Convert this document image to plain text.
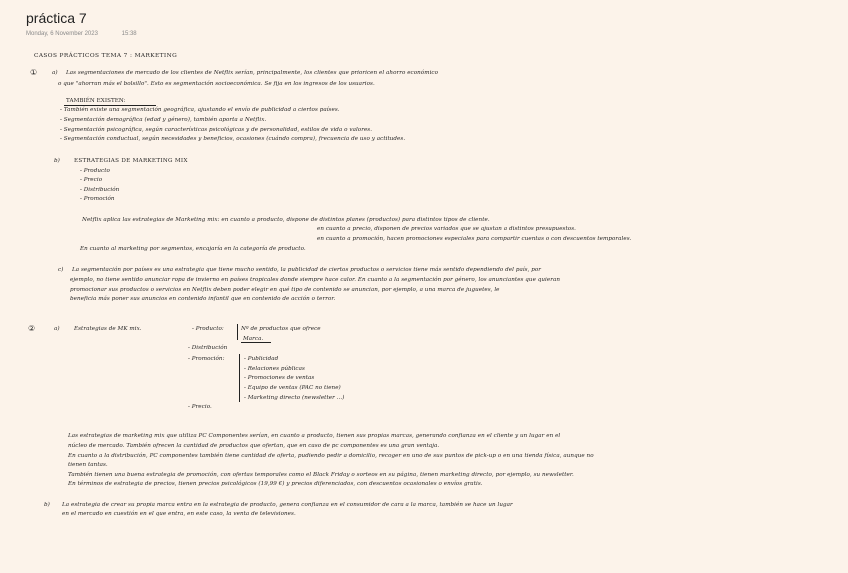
práctica 7
Monday, 6 November 2023	15:38
CASOS PRÁCTICOS TEMA 7 : MARKETING
①	a) Las segmentaciones de mercado de los clientes de Netflix serían, principalmente, los clientes que prioricen el ahorro económico
o que "ahorran más el bolsillo". Esto es segmentación socioeconómica. Se fija en los ingresos de los usuarios.
TAMBIÉN EXISTEN:
- También existe una segmentación geográfica, ajustando el envío de publicidad a ciertos países.
- Segmentación demográfica (edad y género), también aporta a Netflix.
- Segmentación psicográfica, según características psicológicas y de personalidad, estilos de vida o valores.
- Segmentación conductual, según necesidades y beneficios, ocasiones (cuándo compra), frecuencia de uso y actitudes.
b)	ESTRATEGIAS DE MARKETING MIX
- Producto
- Precio
- Distribución
- Promoción
Netflix aplica las estrategias de Marketing mix: en cuanto a producto, dispone de distintos planes (productos) para distintos tipos de cliente.
en cuanto a precio, disponen de precios variados que se ajustan a distintos presupuestos.
en cuanto a promoción, hacen promociones especiales para compartir cuentas o con descuentos temporales.
En cuanto al marketing por segmentos, encajaría en la categoría de producto.
c) La segmentación por países es una estrategia que tiene mucho sentido, la publicidad de ciertos productos o servicios tiene más sentido dependiendo del país, por
ejemplo, no tiene sentido anunciar ropa de invierno en países tropicales donde siempre hace calor. En cuanto a la segmentación por género, los anunciantes que quieran
promocionar sus productos o servicios en Netflix deben poder elegir en qué tipo de contenido se anuncian, por ejemplo, a una marca de juguetes, le
beneficia más poner sus anuncios en contenido infantil que en contenido de acción o terror.
②	a)	Estrategias de MK mix.	- Producto:	Nº de productos que ofrece
Marca.
- Distribución
- Promoción:	- Publicidad
- Relaciones públicas
- Promociones de ventas
- Equipo de ventas (PAC no tiene)
- Marketing directo (newsletter ...)
- Precio.
Las estrategias de marketing mix que utiliza PC Componentes serían, en cuanto a producto, tienen sus propias marcas, generando confianza en el cliente y un lugar en el
núcleo de mercado. También ofrecen la cantidad de productos que ofertan, que en caso de pc componentes es una gran ventaja.
En cuanto a la distribución, PC componentes también tiene cantidad de oferta, pudiendo pedir a domicilio, recoger en uno de sus puntos de pick-up o en una tienda física, aunque no
tienen tantas.
También tienen una buena estrategia de promoción, con ofertas temporales como el Black Friday o sorteos en su página, tienen marketing directo, por ejemplo, su newsletter.
En términos de estrategia de precios, tienen precios psicológicos (19,99 €) y precios diferenciados, con descuentos ocasionales o envíos gratis.
b) La estrategia de crear su propia marca entra en la estrategia de producto, genera confianza en el consumidor de cara a la marca, también se hace un lugar
en el mercado en cuestión en el que entra, en este caso, la venta de televisiones.
